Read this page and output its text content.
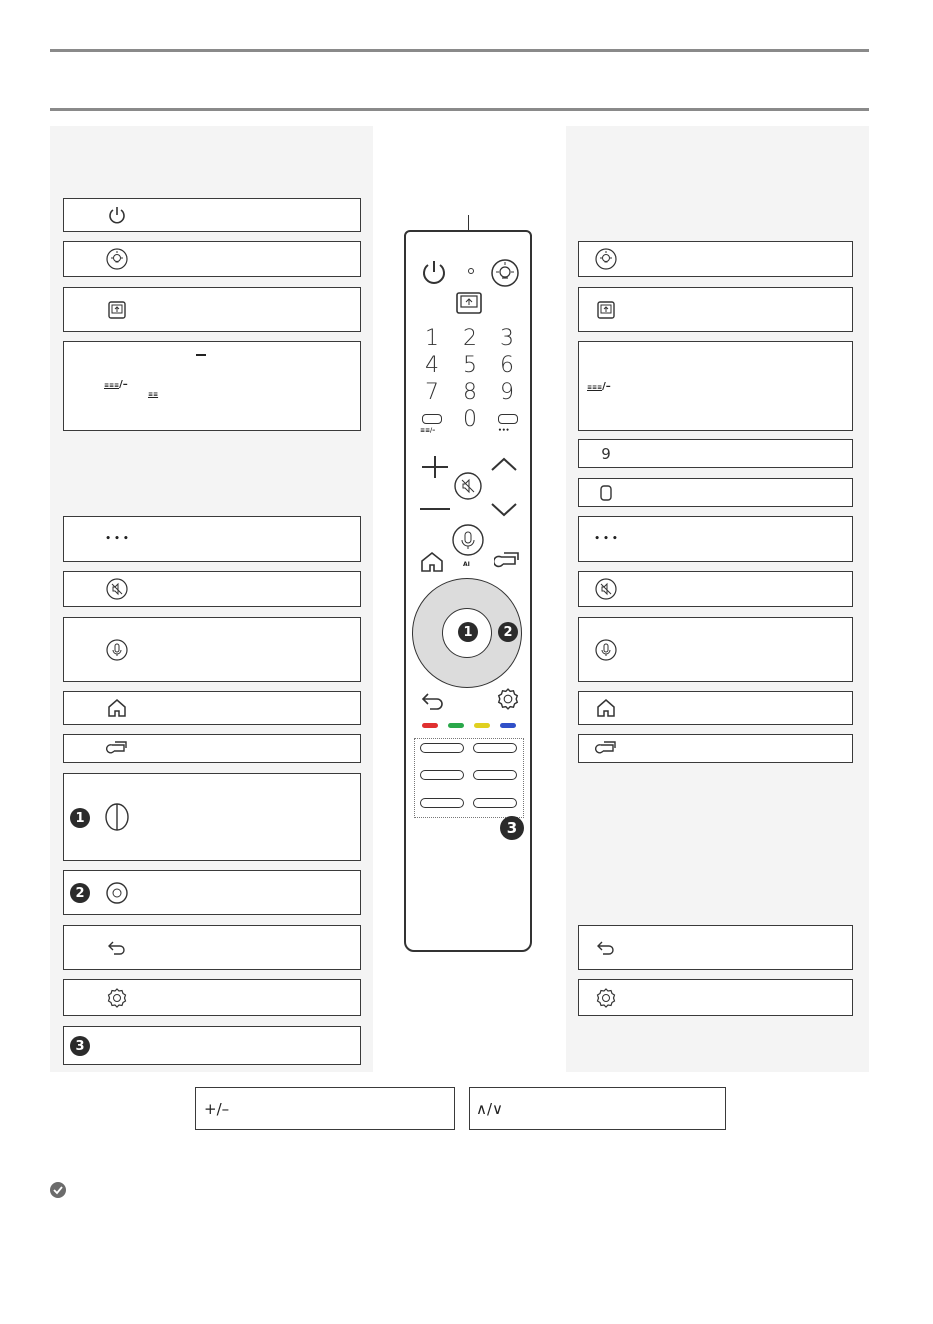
≡≡≡/–
≡≡
• • •
1
2
3
≡≡≡/–
9
• • •
1 2 3
4 5 6
7 8 9
≡≡/– 0	•••
AI
1	2
3
+/–	∧/∨
